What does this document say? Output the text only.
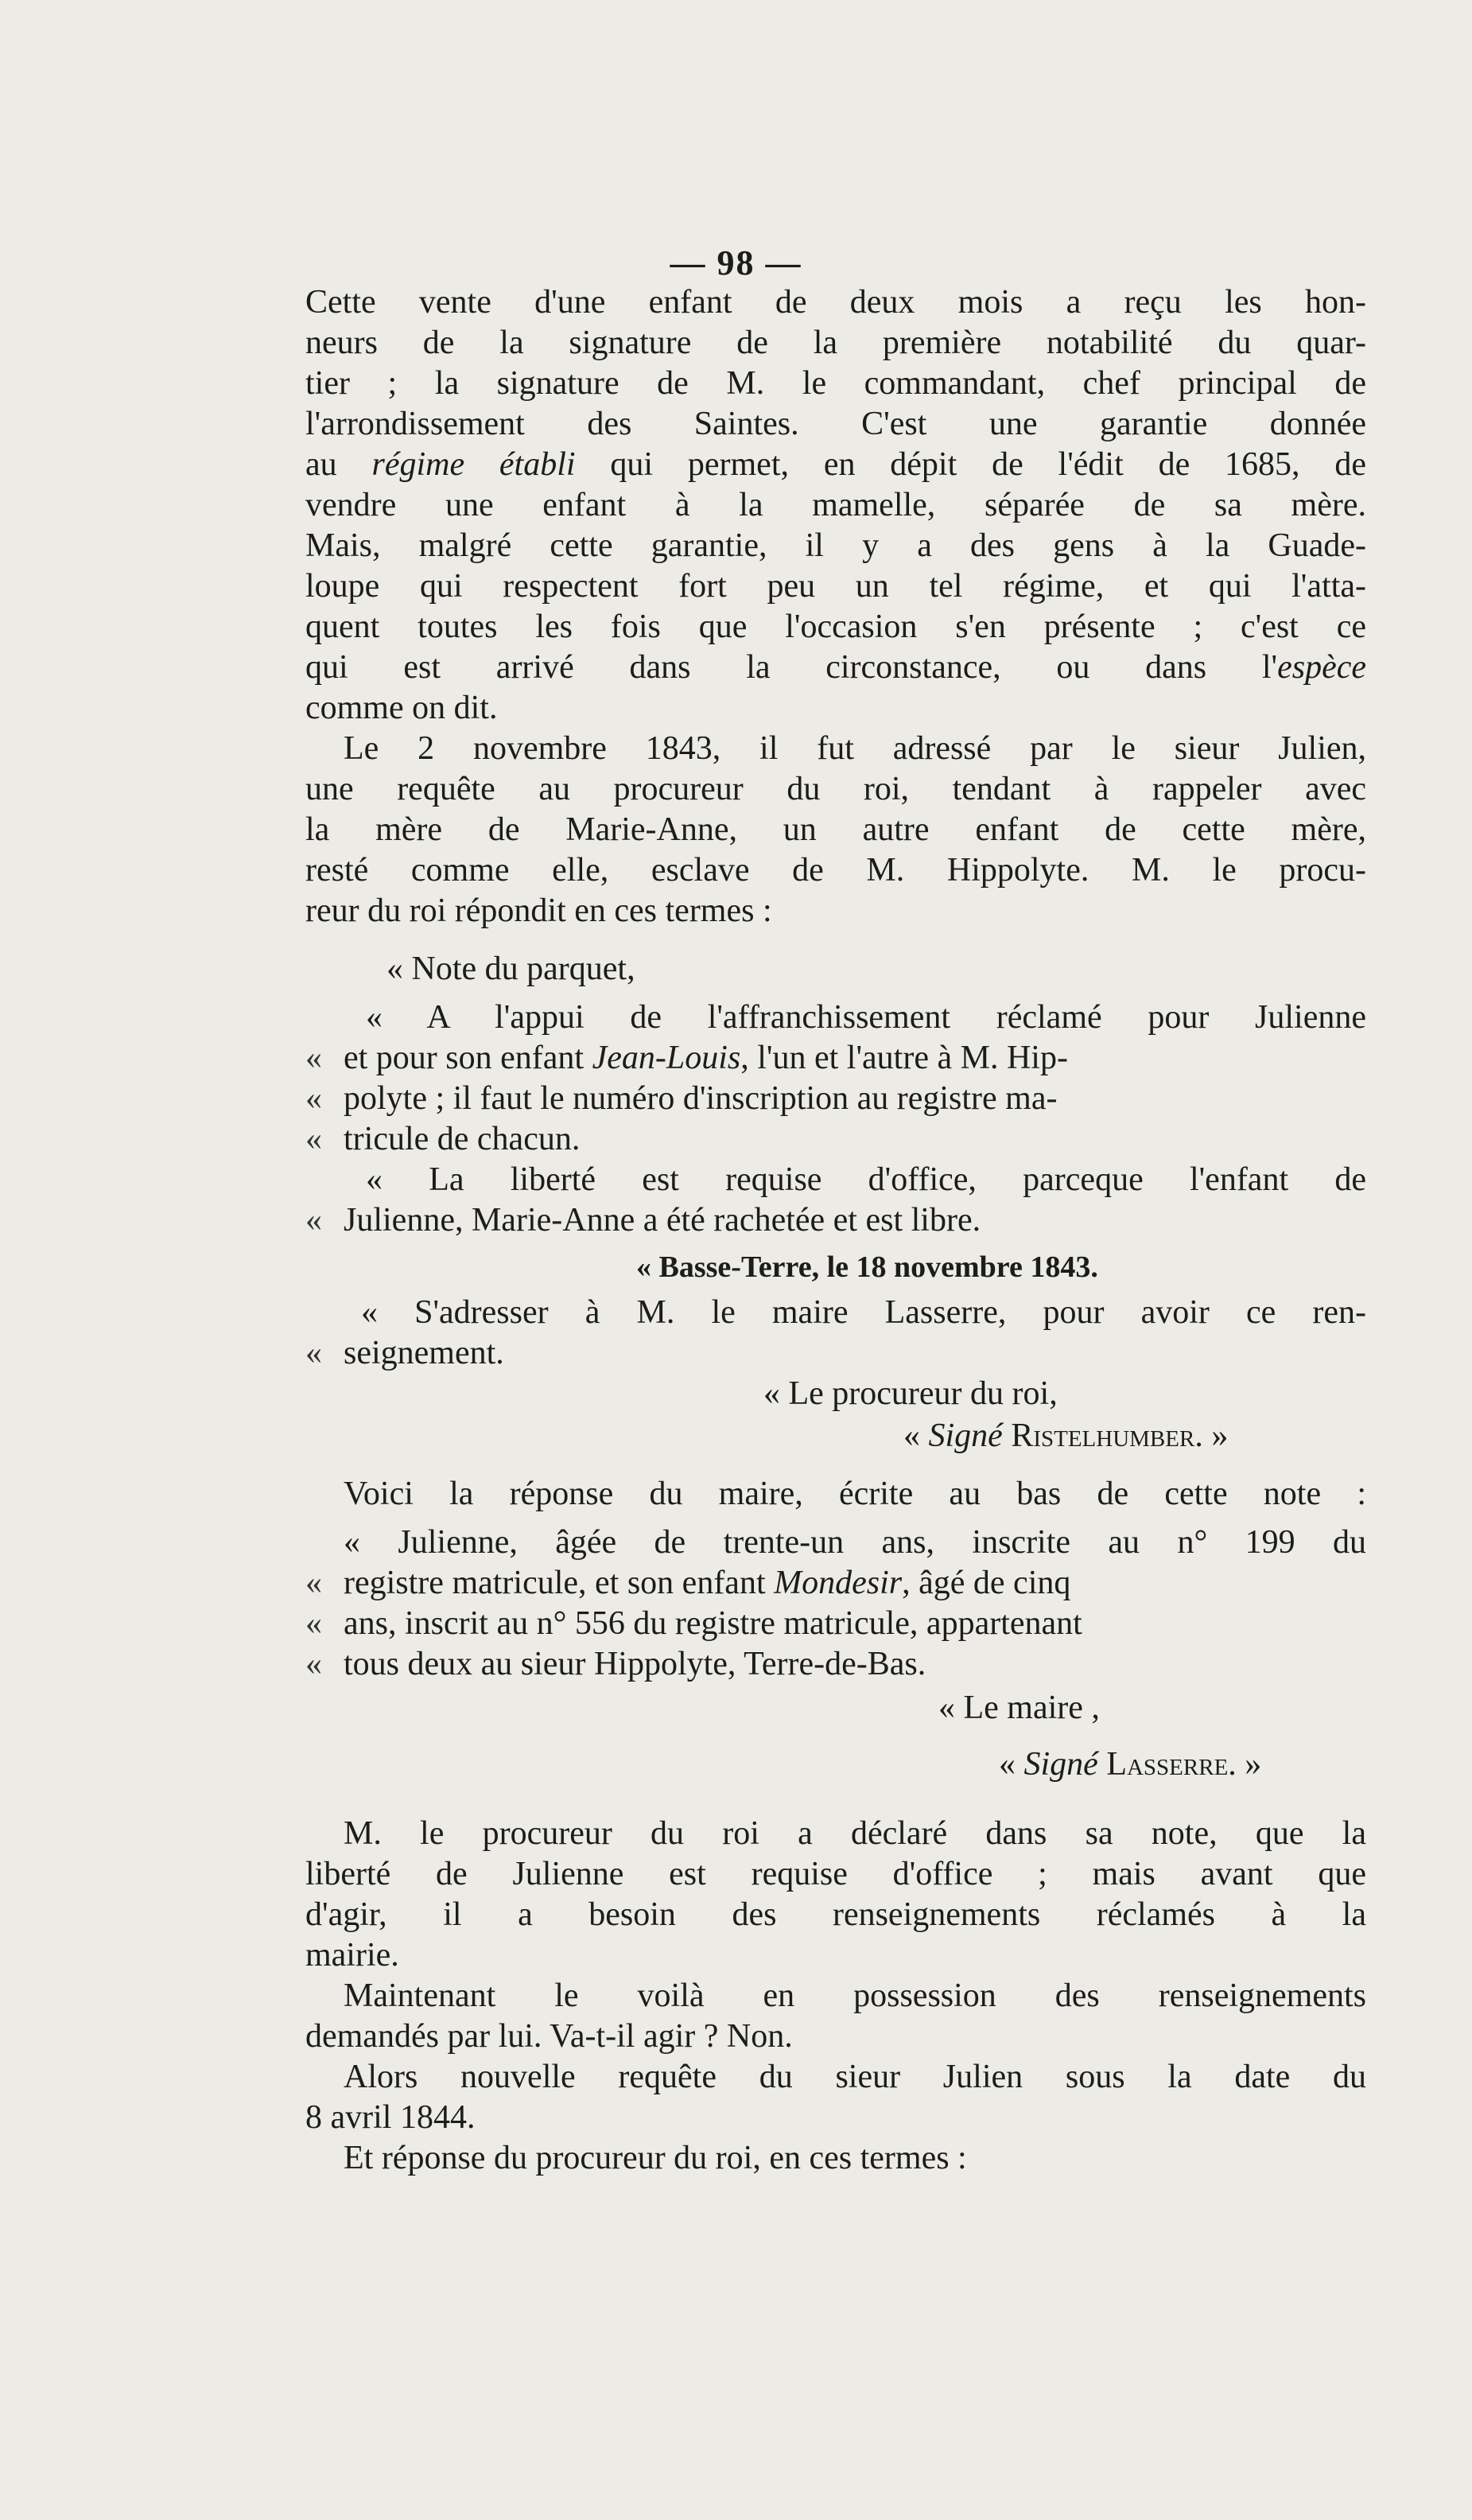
— 98 —
Cette vente d'une enfant de deux mois a reçu les hon-
neurs de la signature de la première notabilité du quar-
tier ; la signature de M. le commandant, chef principal de
l'arrondissement des Saintes. C'est une garantie donnée
au régime établi qui permet, en dépit de l'édit de 1685, de
vendre une enfant à la mamelle, séparée de sa mère.
Mais, malgré cette garantie, il y a des gens à la Guade-
loupe qui respectent fort peu un tel régime, et qui l'atta-
quent toutes les fois que l'occasion s'en présente ; c'est ce
qui est arrivé dans la circonstance, ou dans l'espèce
comme on dit.
Le 2 novembre 1843, il fut adressé par le sieur Julien,
une requête au procureur du roi, tendant à rappeler avec
la mère de Marie-Anne, un autre enfant de cette mère,
resté comme elle, esclave de M. Hippolyte. M. le procu-
reur du roi répondit en ces termes :
« Note du parquet,
« A l'appui de l'affranchissement réclamé pour Julienne
«et pour son enfant Jean-Louis, l'un et l'autre à M. Hip-
«polyte ; il faut le numéro d'inscription au registre ma-
«tricule de chacun.
« La liberté est requise d'office, parceque l'enfant de
«Julienne, Marie-Anne a été rachetée et est libre.
« Basse-Terre, le 18 novembre 1843.
« S'adresser à M. le maire Lasserre, pour avoir ce ren-
«seignement.
« Le procureur du roi,
« Signé Ristelhumber. »
Voici la réponse du maire, écrite au bas de cette note :
« Julienne, âgée de trente-un ans, inscrite au n° 199 du
«registre matricule, et son enfant Mondesir, âgé de cinq
«ans, inscrit au n° 556 du registre matricule, appartenant
«tous deux au sieur Hippolyte, Terre-de-Bas.
« Le maire ,
« Signé Lasserre. »
M. le procureur du roi a déclaré dans sa note, que la
liberté de Julienne est requise d'office ; mais avant que
d'agir, il a besoin des renseignements réclamés à la
mairie.
Maintenant le voilà en possession des renseignements
demandés par lui. Va-t-il agir ? Non.
Alors nouvelle requête du sieur Julien sous la date du
8 avril 1844.
Et réponse du procureur du roi, en ces termes :
